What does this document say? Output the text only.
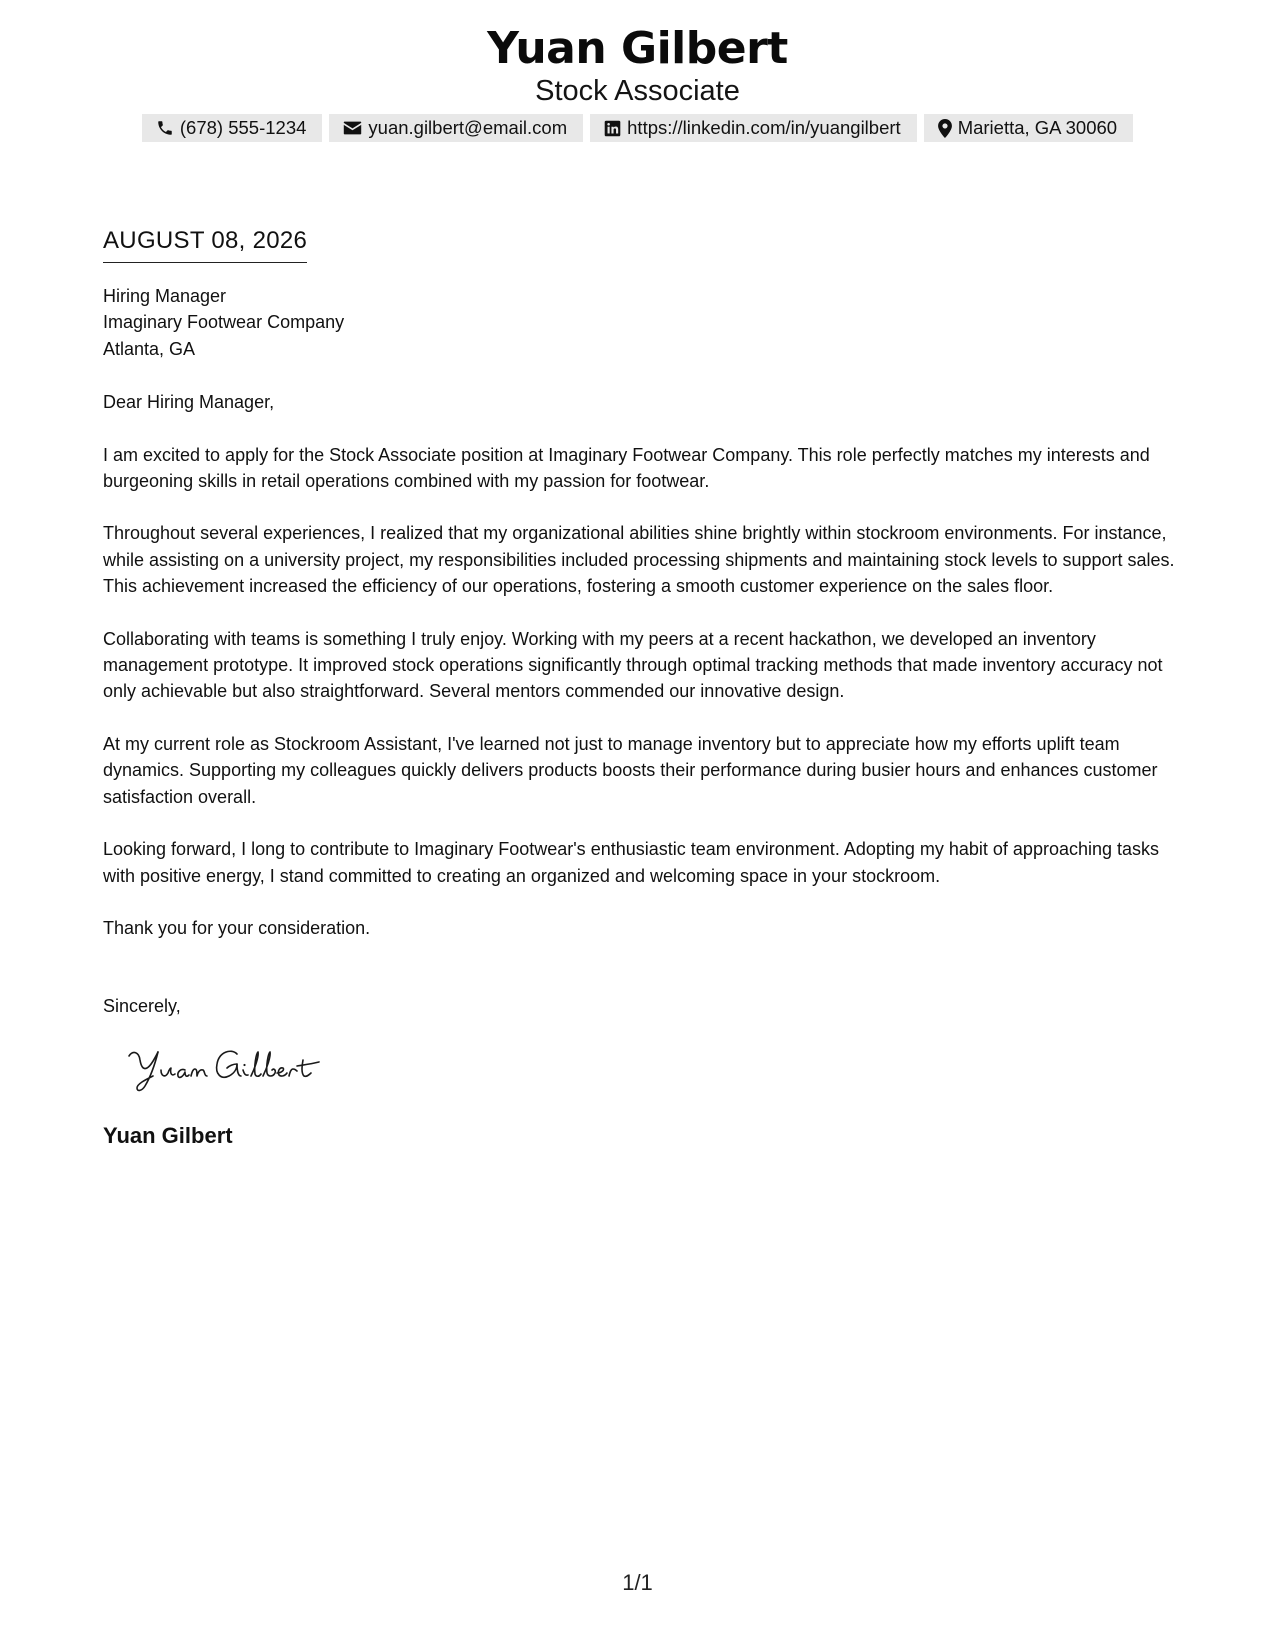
Yuan Gilbert
Stock Associate
(678) 555-1234	yuan.gilbert@email.com	https://linkedin.com/in/yuangilbert	Marietta, GA 30060
AUGUST 08, 2026
Hiring Manager
Imaginary Footwear Company
Atlanta, GA

Dear Hiring Manager,

I am excited to apply for the Stock Associate position at Imaginary Footwear Company. This role perfectly matches my interests and burgeoning skills in retail operations combined with my passion for footwear.

Throughout several experiences, I realized that my organizational abilities shine brightly within stockroom environments. For instance, while assisting on a university project, my responsibilities included processing shipments and maintaining stock levels to support sales. This achievement increased the efficiency of our operations, fostering a smooth customer experience on the sales floor.

Collaborating with teams is something I truly enjoy. Working with my peers at a recent hackathon, we developed an inventory management prototype. It improved stock operations significantly through optimal tracking methods that made inventory accuracy not only achievable but also straightforward. Several mentors commended our innovative design.

At my current role as Stockroom Assistant, I've learned not just to manage inventory but to appreciate how my efforts uplift team dynamics. Supporting my colleagues quickly delivers products boosts their performance during busier hours and enhances customer satisfaction overall.

Looking forward, I long to contribute to Imaginary Footwear's enthusiastic team environment. Adopting my habit of approaching tasks with positive energy, I stand committed to creating an organized and welcoming space in your stockroom.

Thank you for your consideration.

Sincerely,

Yuan Gilbert
1/1
